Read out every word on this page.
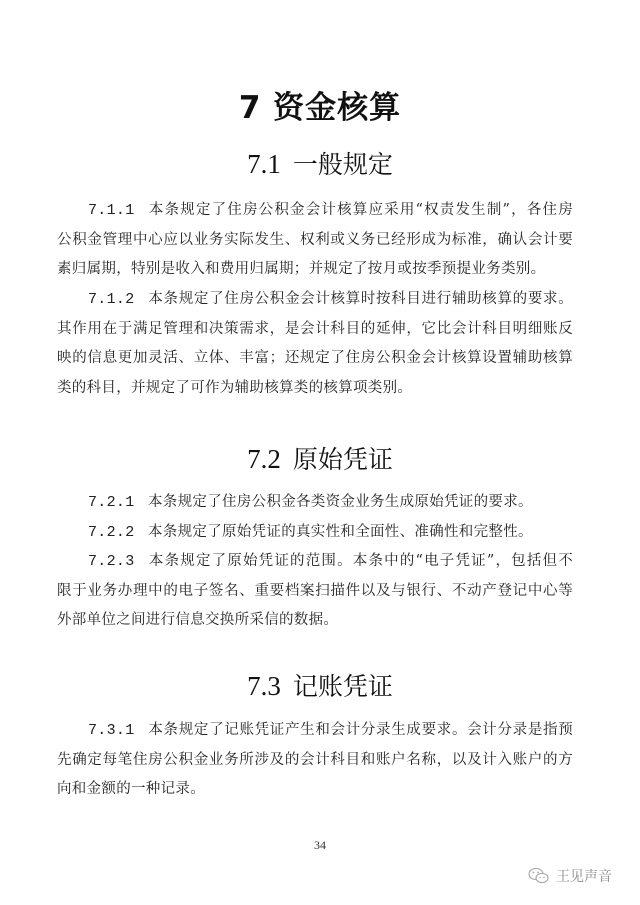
7 资金核算
7.1 一般规定
7.1.1 本条规定了住房公积金会计核算应采用“权责发生制”，各住房
公积金管理中心应以业务实际发生、权利或义务已经形成为标准，确认会计要
素归属期，特别是收入和费用归属期；并规定了按月或按季预提业务类别。
7.1.2 本条规定了住房公积金会计核算时按科目进行辅助核算的要求。
其作用在于满足管理和决策需求，是会计科目的延伸，它比会计科目明细账反
映的信息更加灵活、立体、丰富；还规定了住房公积金会计核算设置辅助核算
类的科目，并规定了可作为辅助核算类的核算项类别。
7.2 原始凭证
7.2.1 本条规定了住房公积金各类资金业务生成原始凭证的要求。
7.2.2 本条规定了原始凭证的真实性和全面性、准确性和完整性。
7.2.3 本条规定了原始凭证的范围。本条中的“电子凭证”，包括但不
限于业务办理中的电子签名、重要档案扫描件以及与银行、不动产登记中心等
外部单位之间进行信息交换所采信的数据。
7.3 记账凭证
7.3.1 本条规定了记账凭证产生和会计分录生成要求。会计分录是指预
先确定每笔住房公积金业务所涉及的会计科目和账户名称，以及计入账户的方
向和金额的一种记录。
34
王见声音
